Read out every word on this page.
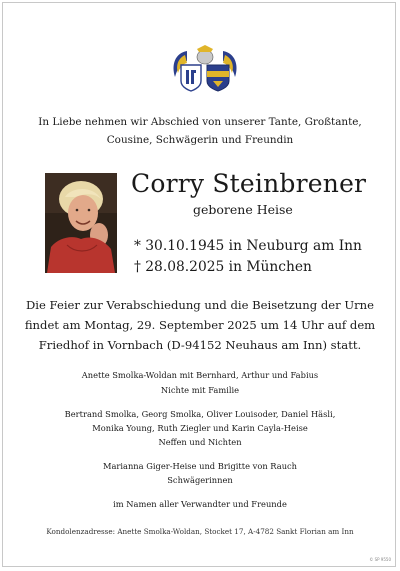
In Liebe nehmen wir Abschied von unserer Tante, Großtante,
Cousine, Schwägerin und Freundin
Corry Steinbrener
geborene Heise
* 30.10.1945 in Neuburg am Inn
† 28.08.2025 in München
Die Feier zur Verabschiedung und die Beisetzung der Urne
findet am Montag, 29. September 2025 um 14 Uhr auf dem
Friedhof in Vornbach (D-94152 Neuhaus am Inn) statt.
Anette Smolka-Woldan mit Bernhard, Arthur und Fabius
Nichte mit Familie
Bertrand Smolka, Georg Smolka, Oliver Louisoder, Daniel Häsli,
Monika Young, Ruth Ziegler und Karin Cayla-Heise
Neffen und Nichten
Marianna Giger-Heise und Brigitte von Rauch
Schwägerinnen
im Namen aller Verwandter und Freunde
Kondolenzadresse: Anette Smolka-Woldan, Stocket 17, A-4782 Sankt Florian am Inn
© SP 9550
